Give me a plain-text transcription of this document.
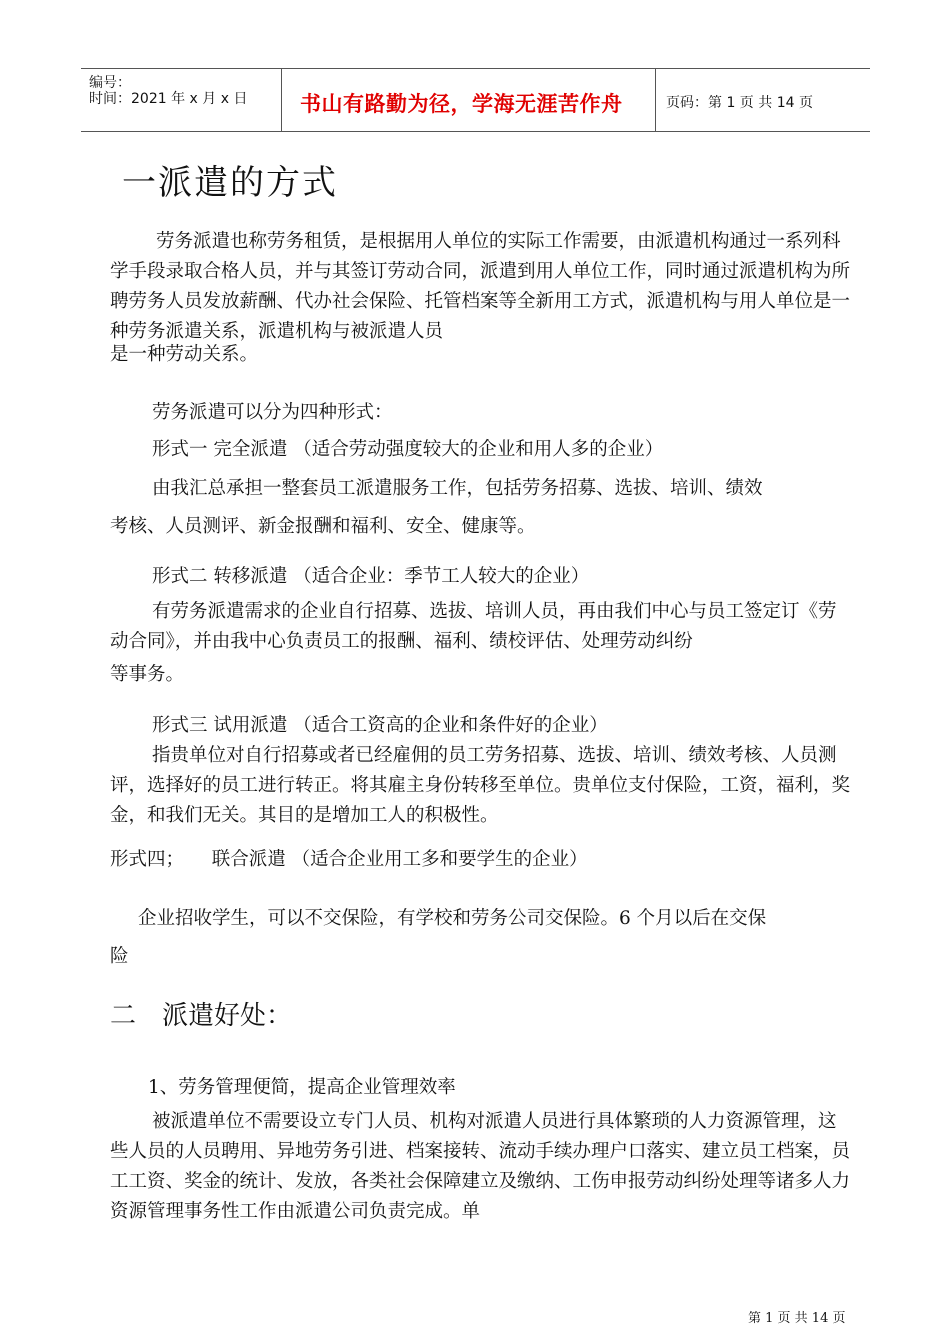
编号：
时间：2021 年 x 月 x 日	书山有路勤为径，学海无涯苦作舟	页码：第 1 页 共 14 页
一派遣的方式
劳务派遣也称劳务租赁，是根据用人单位的实际工作需要，由派遣机构通过一系列科学手段录取合格人员，并与其签订劳动合同，派遣到用人单位工作，同时通过派遣机构为所聘劳务人员发放薪酬、代办社会保险、托管档案等全新用工方式，派遣机构与用人单位是一种劳务派遣关系，派遣机构与被派遣人员
是一种劳动关系。
劳务派遣可以分为四种形式：
形式一 完全派遣 （适合劳动强度较大的企业和用人多的企业）
由我汇总承担一整套员工派遣服务工作，包括劳务招募、选拔、培训、绩效
考核、人员测评、新金报酬和福利、安全、健康等。
形式二 转移派遣 （适合企业：季节工人较大的企业）
有劳务派遣需求的企业自行招募、选拔、培训人员，再由我们中心与员工签定订《劳动合同》，并由我中心负责员工的报酬、福利、绩校评估、处理劳动纠纷
等事务。
形式三 试用派遣 （适合工资高的企业和条件好的企业）
指贵单位对自行招募或者已经雇佣的员工劳务招募、选拔、培训、绩效考核、人员测评，选择好的员工进行转正。将其雇主身份转移至单位。贵单位支付保险，工资，福利，奖金，和我们无关。其目的是增加工人的积极性。
形式四；　　联合派遣 （适合企业用工多和要学生的企业）
企业招收学生，可以不交保险，有学校和劳务公司交保险。6 个月以后在交保
险
二　派遣好处：
1、劳务管理便简，提高企业管理效率
被派遣单位不需要设立专门人员、机构对派遣人员进行具体繁琐的人力资源管理，这些人员的人员聘用、异地劳务引进、档案接转、流动手续办理户口落实、建立员工档案，员工工资、奖金的统计、发放，各类社会保障建立及缴纳、工伤申报劳动纠纷处理等诸多人力资源管理事务性工作由派遣公司负责完成。单
第 1 页 共 14 页
